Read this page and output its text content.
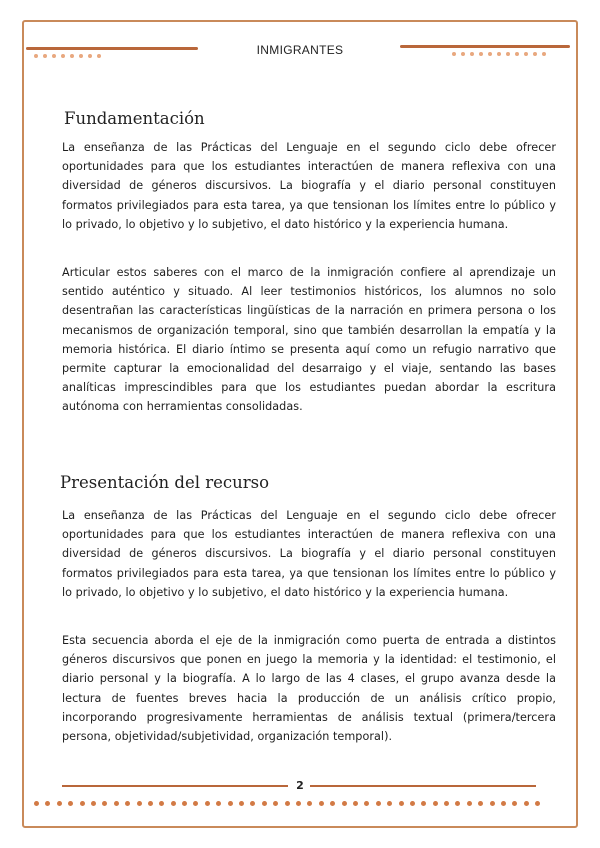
INMIGRANTES
Fundamentación

La enseñanza de las Prácticas del Lenguaje en el segundo ciclo debe ofrecer oportunidades para que los estudiantes interactúen de manera reflexiva con una diversidad de géneros discursivos. La biografía y el diario personal constituyen formatos privilegiados para esta tarea, ya que tensionan los límites entre lo público y lo privado, lo objetivo y lo subjetivo, el dato histórico y la experiencia humana.

Articular estos saberes con el marco de la inmigración confiere al aprendizaje un sentido auténtico y situado. Al leer testimonios históricos, los alumnos no solo desentrañan las características lingüísticas de la narración en primera persona o los mecanismos de organización temporal, sino que también desarrollan la empatía y la memoria histórica. El diario íntimo se presenta aquí como un refugio narrativo que permite capturar la emocionalidad del desarraigo y el viaje, sentando las bases analíticas imprescindibles para que los estudiantes puedan abordar la escritura autónoma con herramientas consolidadas.

Presentación del recurso

La enseñanza de las Prácticas del Lenguaje en el segundo ciclo debe ofrecer oportunidades para que los estudiantes interactúen de manera reflexiva con una diversidad de géneros discursivos. La biografía y el diario personal constituyen formatos privilegiados para esta tarea, ya que tensionan los límites entre lo público y lo privado, lo objetivo y lo subjetivo, el dato histórico y la experiencia humana.

Esta secuencia aborda el eje de la inmigración como puerta de entrada a distintos géneros discursivos que ponen en juego la memoria y la identidad: el testimonio, el diario personal y la biografía. A lo largo de las 4 clases, el grupo avanza desde la lectura de fuentes breves hacia la producción de un análisis crítico propio, incorporando progresivamente herramientas de análisis textual (primera/tercera persona, objetividad/subjetividad, organización temporal).

2
